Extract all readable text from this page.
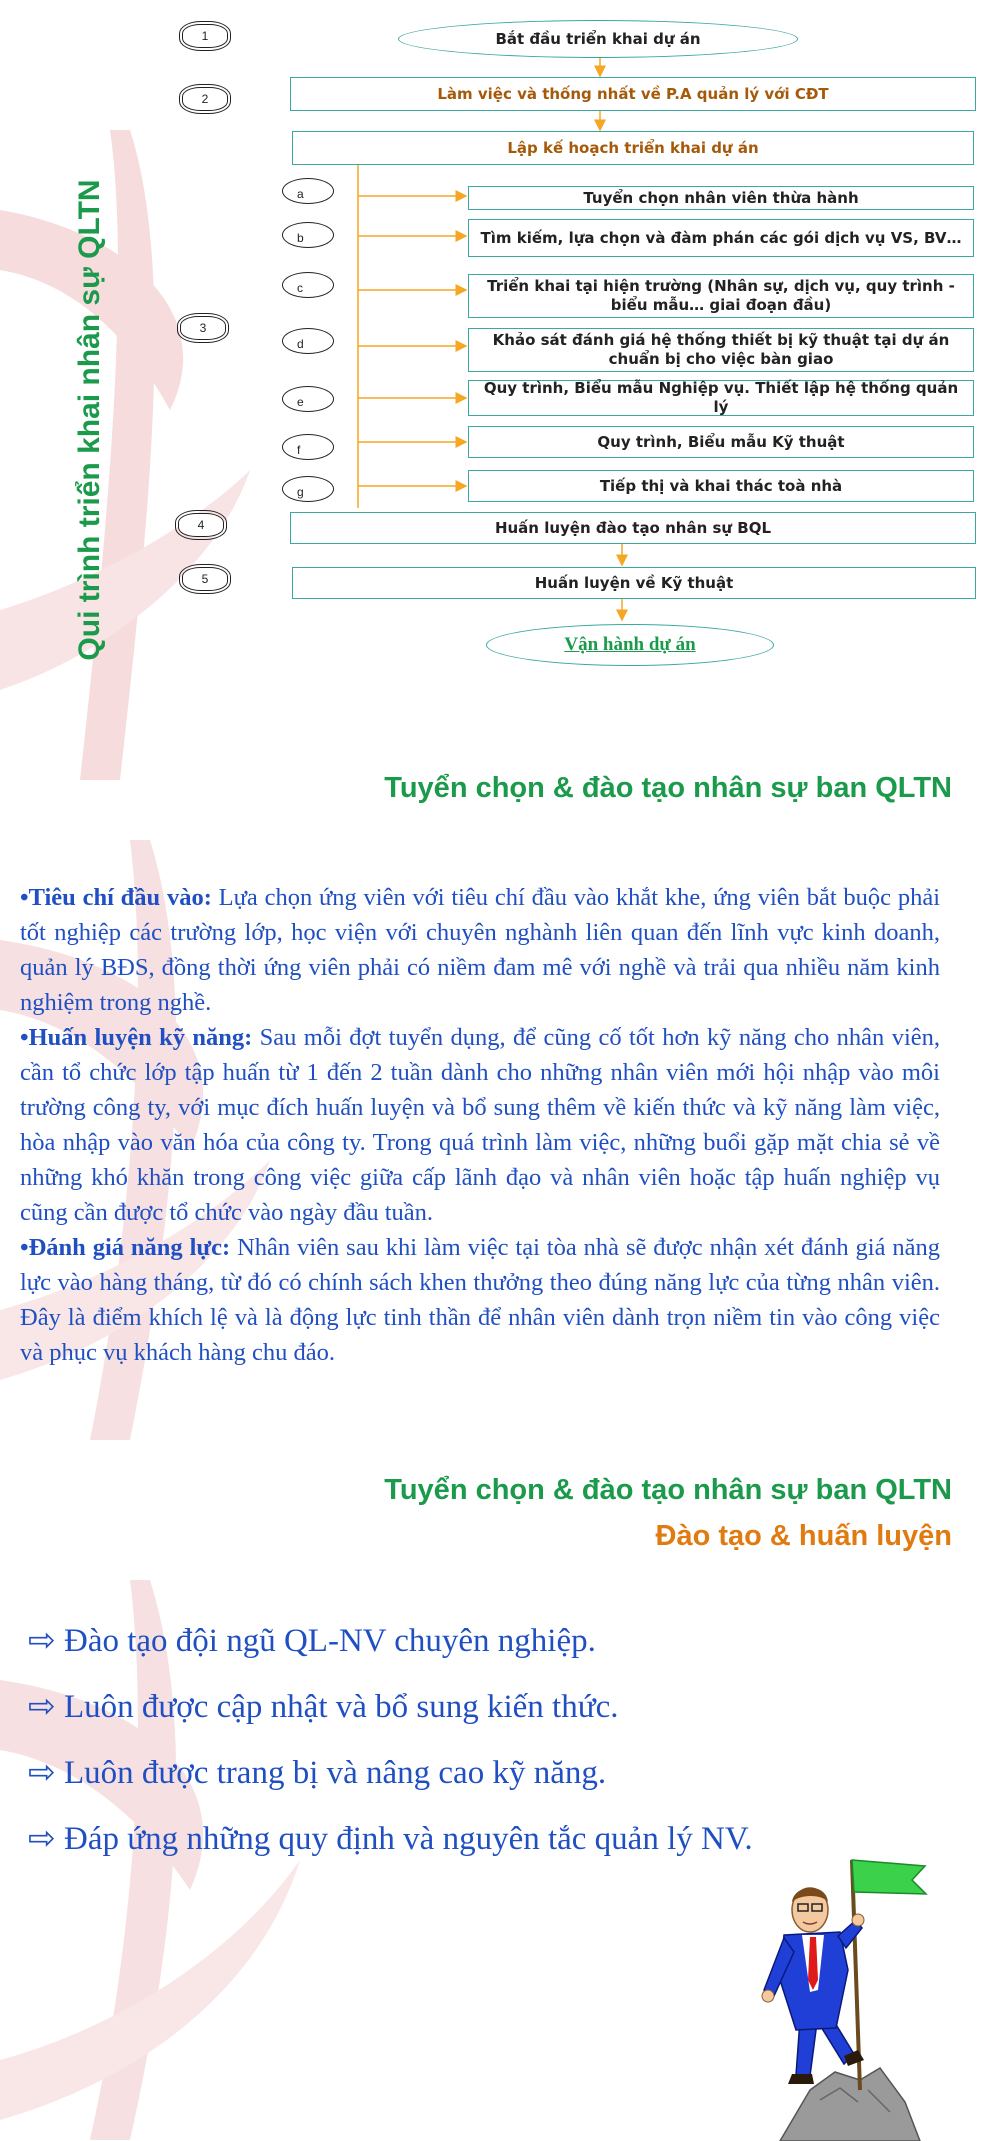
Qui trình triển khai nhân sự QLTN
Bắt đầu triển khai dự án
Làm việc và thống nhất về P.A quản lý với CĐT
Lập kế hoạch triển khai dự án
Tuyển chọn nhân viên thừa hành
Tìm kiếm, lựa chọn và đàm phán các gói dịch vụ VS, BV…
Triển khai tại hiện trường (Nhân sự, dịch vụ, quy trình - biểu mẫu… giai đoạn đầu)
Khảo sát đánh giá hệ thống thiết bị kỹ thuật tại dự án chuẩn bị cho việc bàn giao
Quy trình, Biểu mẫu Nghiệp vụ. Thiết lập hệ thống quản lý
Quy trình, Biểu mẫu Kỹ thuật
Tiếp thị và khai thác toà nhà
Huấn luyện đào tạo nhân sự BQL
Huấn luyện về Kỹ thuật
Vận hành dự án
1
2
3
4
5
a
b
c
d
e
f
g
Tuyển chọn & đào tạo nhân sự ban QLTN

•Tiêu chí đầu vào: Lựa chọn ứng viên với tiêu chí đầu vào khắt khe, ứng viên bắt buộc phải tốt nghiệp các trường lớp, học viện với chuyên nghành liên quan đến lĩnh vực kinh doanh, quản lý BĐS, đồng thời ứng viên phải có niềm đam mê với nghề và trải qua nhiều năm kinh nghiệm trong nghề.

•Huấn luyện kỹ năng: Sau mỗi đợt tuyển dụng, để cũng cố tốt hơn kỹ năng cho nhân viên, cần tổ chức lớp tập huấn từ 1 đến 2 tuần dành cho những nhân viên mới hội nhập vào môi trường công ty, với mục đích huấn luyện và bổ sung thêm về kiến thức và kỹ năng làm việc, hòa nhập vào văn hóa của công ty. Trong quá trình làm việc, những buổi gặp mặt chia sẻ về những khó khăn trong công việc giữa cấp lãnh đạo và nhân viên hoặc tập huấn nghiệp vụ cũng cần được tổ chức vào ngày đầu tuần.

•Đánh giá năng lực: Nhân viên sau khi làm việc tại tòa nhà sẽ được nhận xét đánh giá năng lực vào hàng tháng, từ đó có chính sách khen thưởng theo đúng năng lực của từng nhân viên. Đây là điểm khích lệ và là động lực tinh thần để nhân viên dành trọn niềm tin vào công việc và phục vụ khách hàng chu đáo.

Tuyển chọn & đào tạo nhân sự ban QLTN
Đào tạo & huấn luyện
⇨ Đào tạo đội ngũ QL-NV chuyên nghiệp.
⇨ Luôn được cập nhật và bổ sung kiến thức.
⇨ Luôn được trang bị và nâng cao kỹ năng.
⇨ Đáp ứng những quy định và nguyên tắc quản lý NV.
